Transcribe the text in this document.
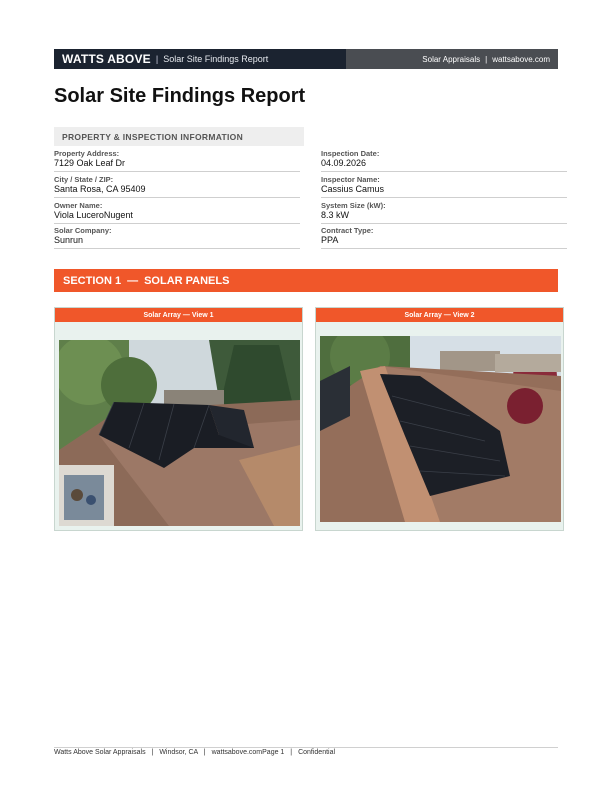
WATTS ABOVE | Solar Site Findings Report	Solar Appraisals | wattsabove.com
Solar Site Findings Report
PROPERTY & INSPECTION INFORMATION
Property Address:
7129 Oak Leaf Dr
City / State / ZIP:
Santa Rosa, CA 95409
Owner Name:
Viola LuceroNugent
Solar Company:
Sunrun
Inspection Date:
04.09.2026
Inspector Name:
Cassius Camus
System Size (kW):
8.3 kW
Contract Type:
PPA
SECTION 1 — SOLAR PANELS
Solar Array — View 1	Solar Array — View 2
Watts Above Solar Appraisals | Windsor, CA | wattsabove.comPage 1 | Confidential
